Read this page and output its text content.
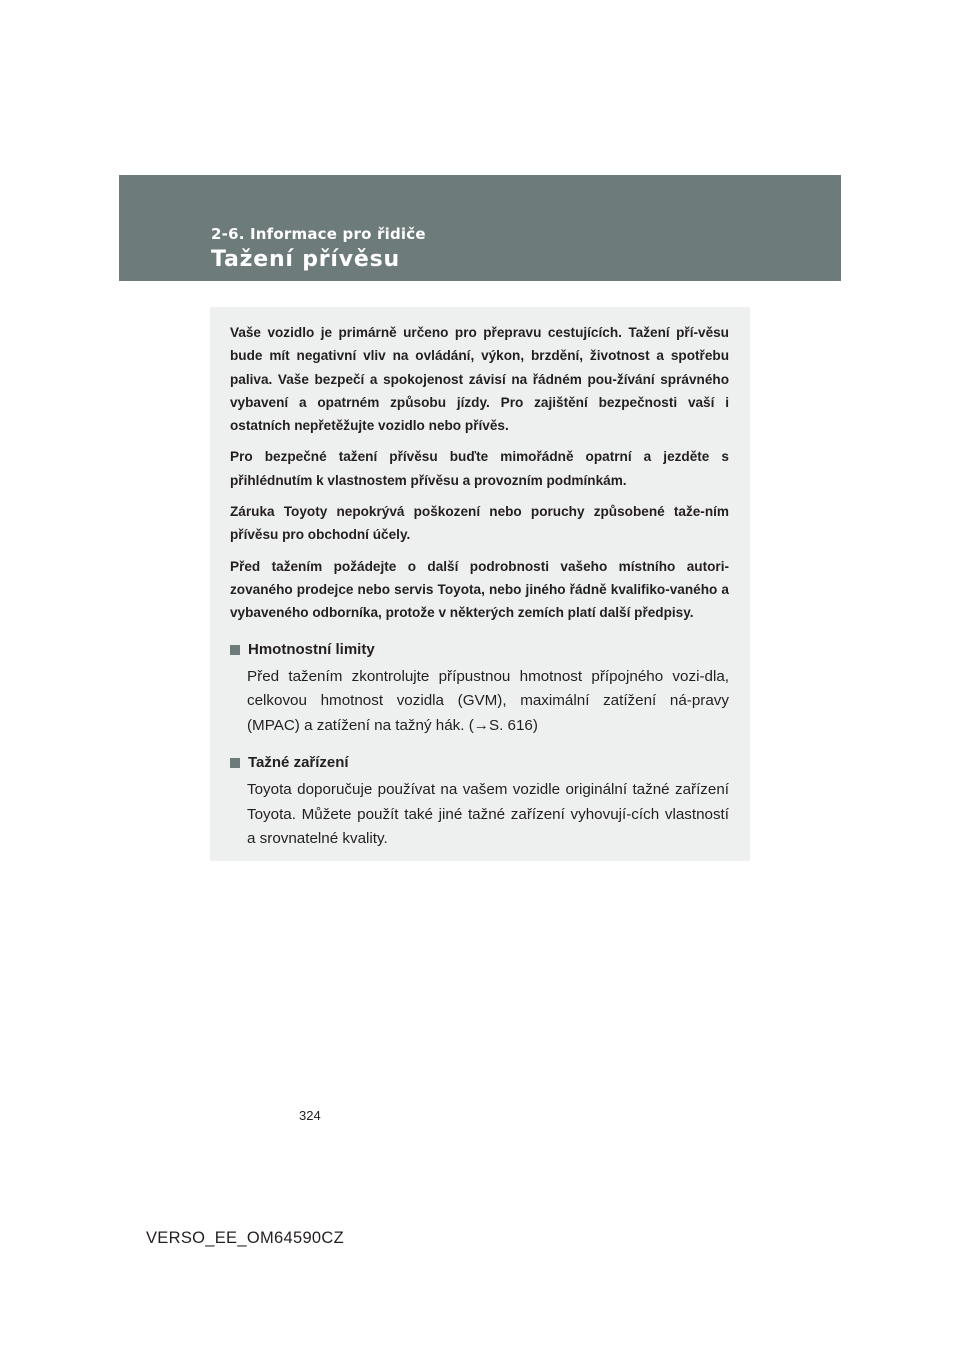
2-6. Informace pro řidiče
Tažení přívěsu

Vaše vozidlo je primárně určeno pro přepravu cestujících. Tažení pří-věsu bude mít negativní vliv na ovládání, výkon, brzdění, životnost a spotřebu paliva. Vaše bezpečí a spokojenost závisí na řádném pou-žívání správného vybavení a opatrném způsobu jízdy. Pro zajištění bezpečnosti vaší i ostatních nepřetěžujte vozidlo nebo přívěs.

Pro bezpečné tažení přívěsu buďte mimořádně opatrní a jezděte s přihlédnutím k vlastnostem přívěsu a provozním podmínkám.

Záruka Toyoty nepokrývá poškození nebo poruchy způsobené taže-ním přívěsu pro obchodní účely.

Před tažením požádejte o další podrobnosti vašeho místního autori-zovaného prodejce nebo servis Toyota, nebo jiného řádně kvalifiko-vaného a vybaveného odborníka, protože v některých zemích platí další předpisy.

Hmotnostní limity
Před tažením zkontrolujte přípustnou hmotnost přípojného vozi-dla, celkovou hmotnost vozidla (GVM), maximální zatížení ná-pravy (MPAC) a zatížení na tažný hák. (→S. 616)
Tažné zařízení
Toyota doporučuje používat na vašem vozidle originální tažné zařízení Toyota. Můžete použít také jiné tažné zařízení vyhovují-cích vlastností a srovnatelné kvality.
324
VERSO_EE_OM64590CZ
